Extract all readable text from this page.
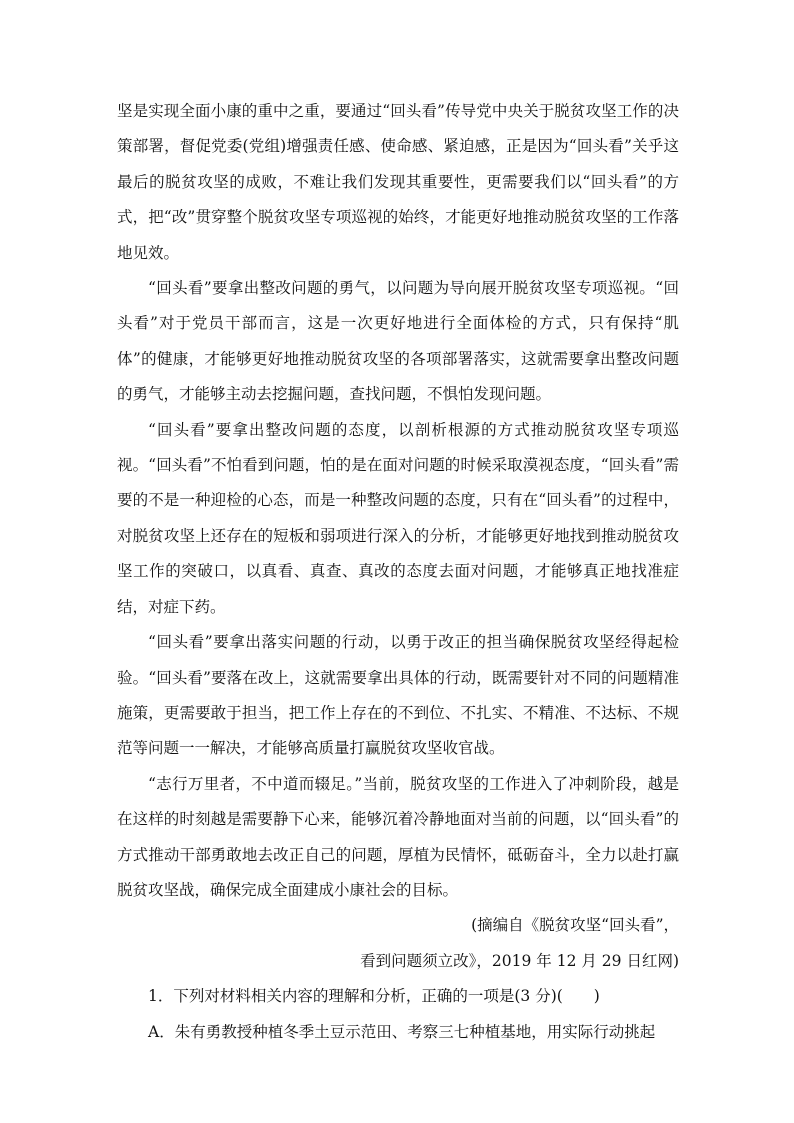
坚是实现全面小康的重中之重，要通过“回头看”传导党中央关于脱贫攻坚工作的决策部署，督促党委(党组)增强责任感、使命感、紧迫感，正是因为“回头看”关乎这最后的脱贫攻坚的成败，不难让我们发现其重要性，更需要我们以“回头看”的方式，把“改”贯穿整个脱贫攻坚专项巡视的始终，才能更好地推动脱贫攻坚的工作落地见效。

“回头看”要拿出整改问题的勇气，以问题为导向展开脱贫攻坚专项巡视。“回头看”对于党员干部而言，这是一次更好地进行全面体检的方式，只有保持“肌体”的健康，才能够更好地推动脱贫攻坚的各项部署落实，这就需要拿出整改问题的勇气，才能够主动去挖掘问题，查找问题，不惧怕发现问题。

“回头看”要拿出整改问题的态度，以剖析根源的方式推动脱贫攻坚专项巡视。“回头看”不怕看到问题，怕的是在面对问题的时候采取漠视态度，“回头看”需要的不是一种迎检的心态，而是一种整改问题的态度，只有在“回头看”的过程中，对脱贫攻坚上还存在的短板和弱项进行深入的分析，才能够更好地找到推动脱贫攻坚工作的突破口，以真看、真查、真改的态度去面对问题，才能够真正地找准症结，对症下药。

“回头看”要拿出落实问题的行动，以勇于改正的担当确保脱贫攻坚经得起检验。“回头看”要落在改上，这就需要拿出具体的行动，既需要针对不同的问题精准施策，更需要敢于担当，把工作上存在的不到位、不扎实、不精准、不达标、不规范等问题一一解决，才能够高质量打赢脱贫攻坚收官战。

“志行万里者，不中道而辍足。”当前，脱贫攻坚的工作进入了冲刺阶段，越是在这样的时刻越是需要静下心来，能够沉着冷静地面对当前的问题，以“回头看”的方式推动干部勇敢地去改正自己的问题，厚植为民情怀，砥砺奋斗，全力以赴打赢脱贫攻坚战，确保完成全面建成小康社会的目标。

(摘编自《脱贫攻坚“回头看”，

看到问题须立改》，2019 年 12 月 29 日红网)

1．下列对材料相关内容的理解和分析，正确的一项是(3 分)(　　)

A．朱有勇教授种植冬季土豆示范田、考察三七种植基地，用实际行动挑起
